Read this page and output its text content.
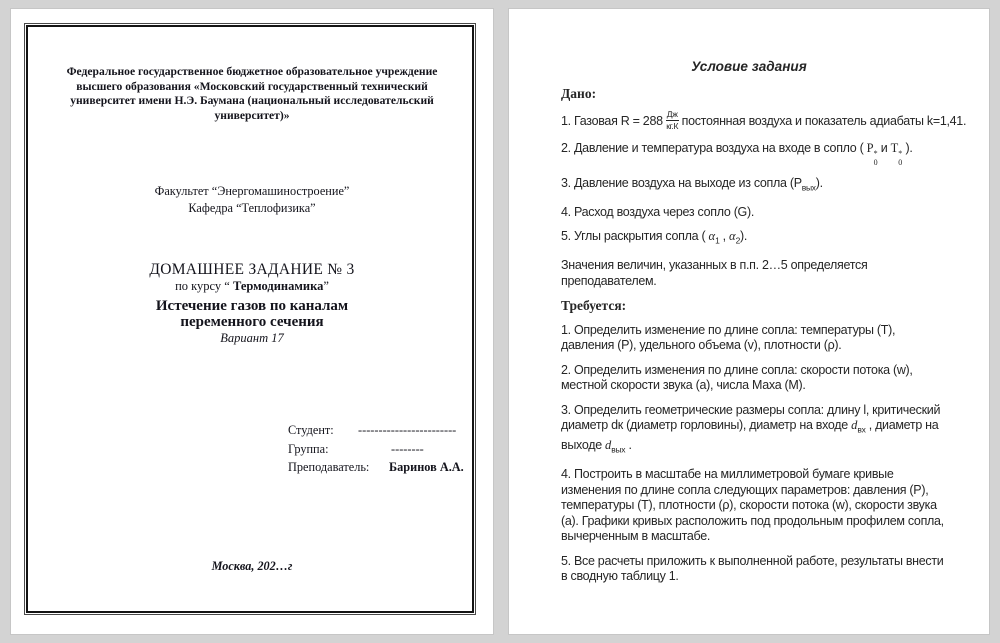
Федеральное государственное бюджетное образовательное учреждение
высшего образования «Московский государственный технический
университет имени Н.Э. Баумана (национальный исследовательский
университет)»
Факультет “Энергомашиностроение”
Кафедра “Теплофизика”
ДОМАШНЕЕ ЗАДАНИЕ № 3
по курсу “ Термодинамика”
Истечение газов по каналам
переменного сечения
Вариант 17
Студент:	------------------------
Группа:	--------
Преподаватель:	Баринов А.А.
Москва, 202…г
Условие задания

Дано:

1. Газовая $R = 288 \frac{Дж}{кг.К}$ постоянная воздуха и показатель адиабаты k=1,41.

2. Давление и температура воздуха на входе в сопло ( P *
0
и T *
0
).

3. Давление воздуха на выходе из сопла $(P_{вых})$.

4. Расход воздуха через сопло (G).

5. Углы раскрытия сопла ( $\alpha_1$ , $\alpha_2$).

Значения величин, указанных в п.п. 2…5 определяется преподавателем.

Требуется:

1. Определить изменение по длине сопла: температуры (Т), давления (Р), удельного объема (v), плотности (ρ).

2. Определить изменения по длине сопла: скорости потока (w), местной скорости звука (а), числа Маха (М).

3. Определить геометрические размеры сопла: длину l, критический диаметр dк (диаметр горловины), диаметр на входе $d_{вх}$ , диаметр на выходе $d_{вых}$ .

4. Построить в масштабе на миллиметровой бумаге кривые изменения по длине сопла следующих параметров: давления (P), температуры (Т), плотности (ρ), скорости потока (w), скорости звука (а). Графики кривых расположить под продольным профилем сопла, вычерченным в масштабе.

5. Все расчеты приложить к выполненной работе, результаты внести в сводную таблицу 1.
